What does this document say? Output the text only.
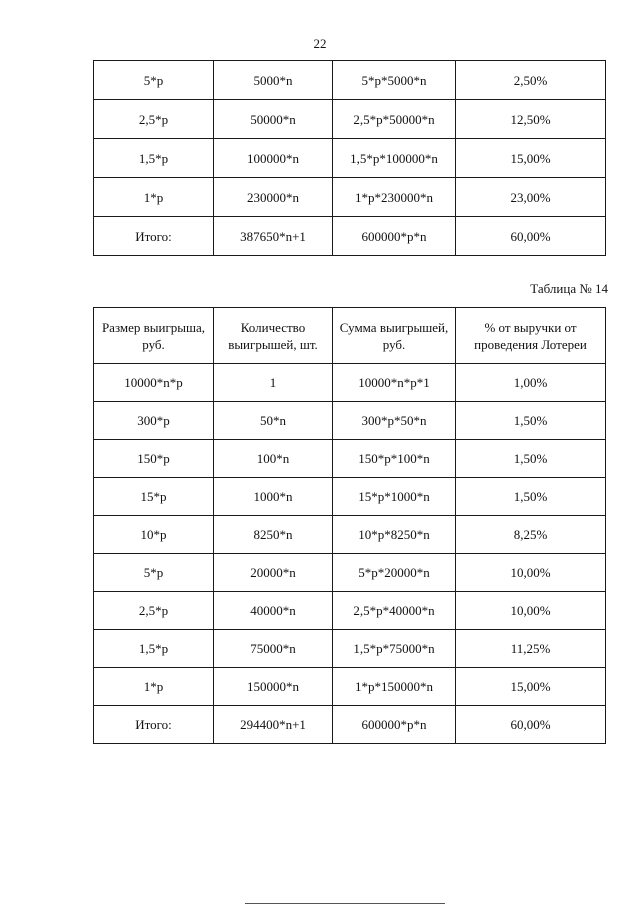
22
5*р	5000*n	5*р*5000*n	2,50%
2,5*р	50000*n	2,5*р*50000*n	12,50%
1,5*р	100000*n	1,5*р*100000*n	15,00%
1*р	230000*n	1*р*230000*n	23,00%
Итого:	387650*n+1	600000*р*n	60,00%
Таблица № 14
Размер выигрыша, руб.	Количество выигрышей, шт.	Сумма выигрышей, руб.	% от выручки от проведения Лотереи
10000*n*р	1	10000*n*р*1	1,00%
300*р	50*n	300*р*50*n	1,50%
150*р	100*n	150*р*100*n	1,50%
15*р	1000*n	15*р*1000*n	1,50%
10*р	8250*n	10*р*8250*n	8,25%
5*р	20000*n	5*р*20000*n	10,00%
2,5*р	40000*n	2,5*р*40000*n	10,00%
1,5*р	75000*n	1,5*р*75000*n	11,25%
1*р	150000*n	1*р*150000*n	15,00%
Итого:	294400*n+1	600000*р*n	60,00%
